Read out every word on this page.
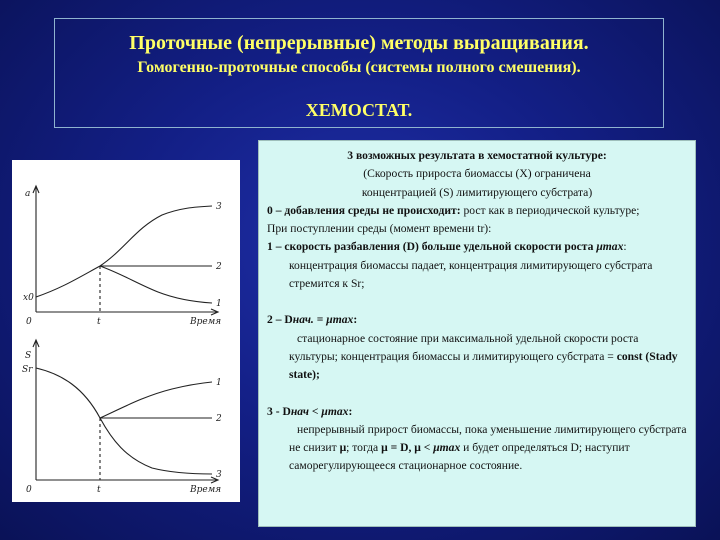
Проточные (непрерывные) методы выращивания.
Гомогенно-проточные способы (системы полного смешения).
ХЕМОСТАТ.
a
x0
0	t	Время
3
2
1
S
Sr
0	t	Время
1
2
3

3 возможных результата в хемостатной культуре:

(Скорость прироста биомассы (X) ограничена

концентрацией (S) лимитирующего субстрата)

0 – добавления среды не происходит: рост как в периодической культуре;

При поступлении среды (момент времени tr):

1 – скорость разбавления (D) больше удельной скорости роста μmax: концентрация биомассы падает, концентрация лимитирующего субстрата стремится к Sr;

2 – Dнач. = μmax:

стационарное состояние при максимальной удельной скорости роста культуры; концентрация биомассы и лимитирующего субстрата = const (Stady state);

3 - Dнач < μmax:

непрерывный прирост биомассы, пока уменьшение лимитирующего субстрата не снизит μ; тогда μ = D, μ < μmax и будет определяться D; наступит саморегулирующееся стационарное состояние.
